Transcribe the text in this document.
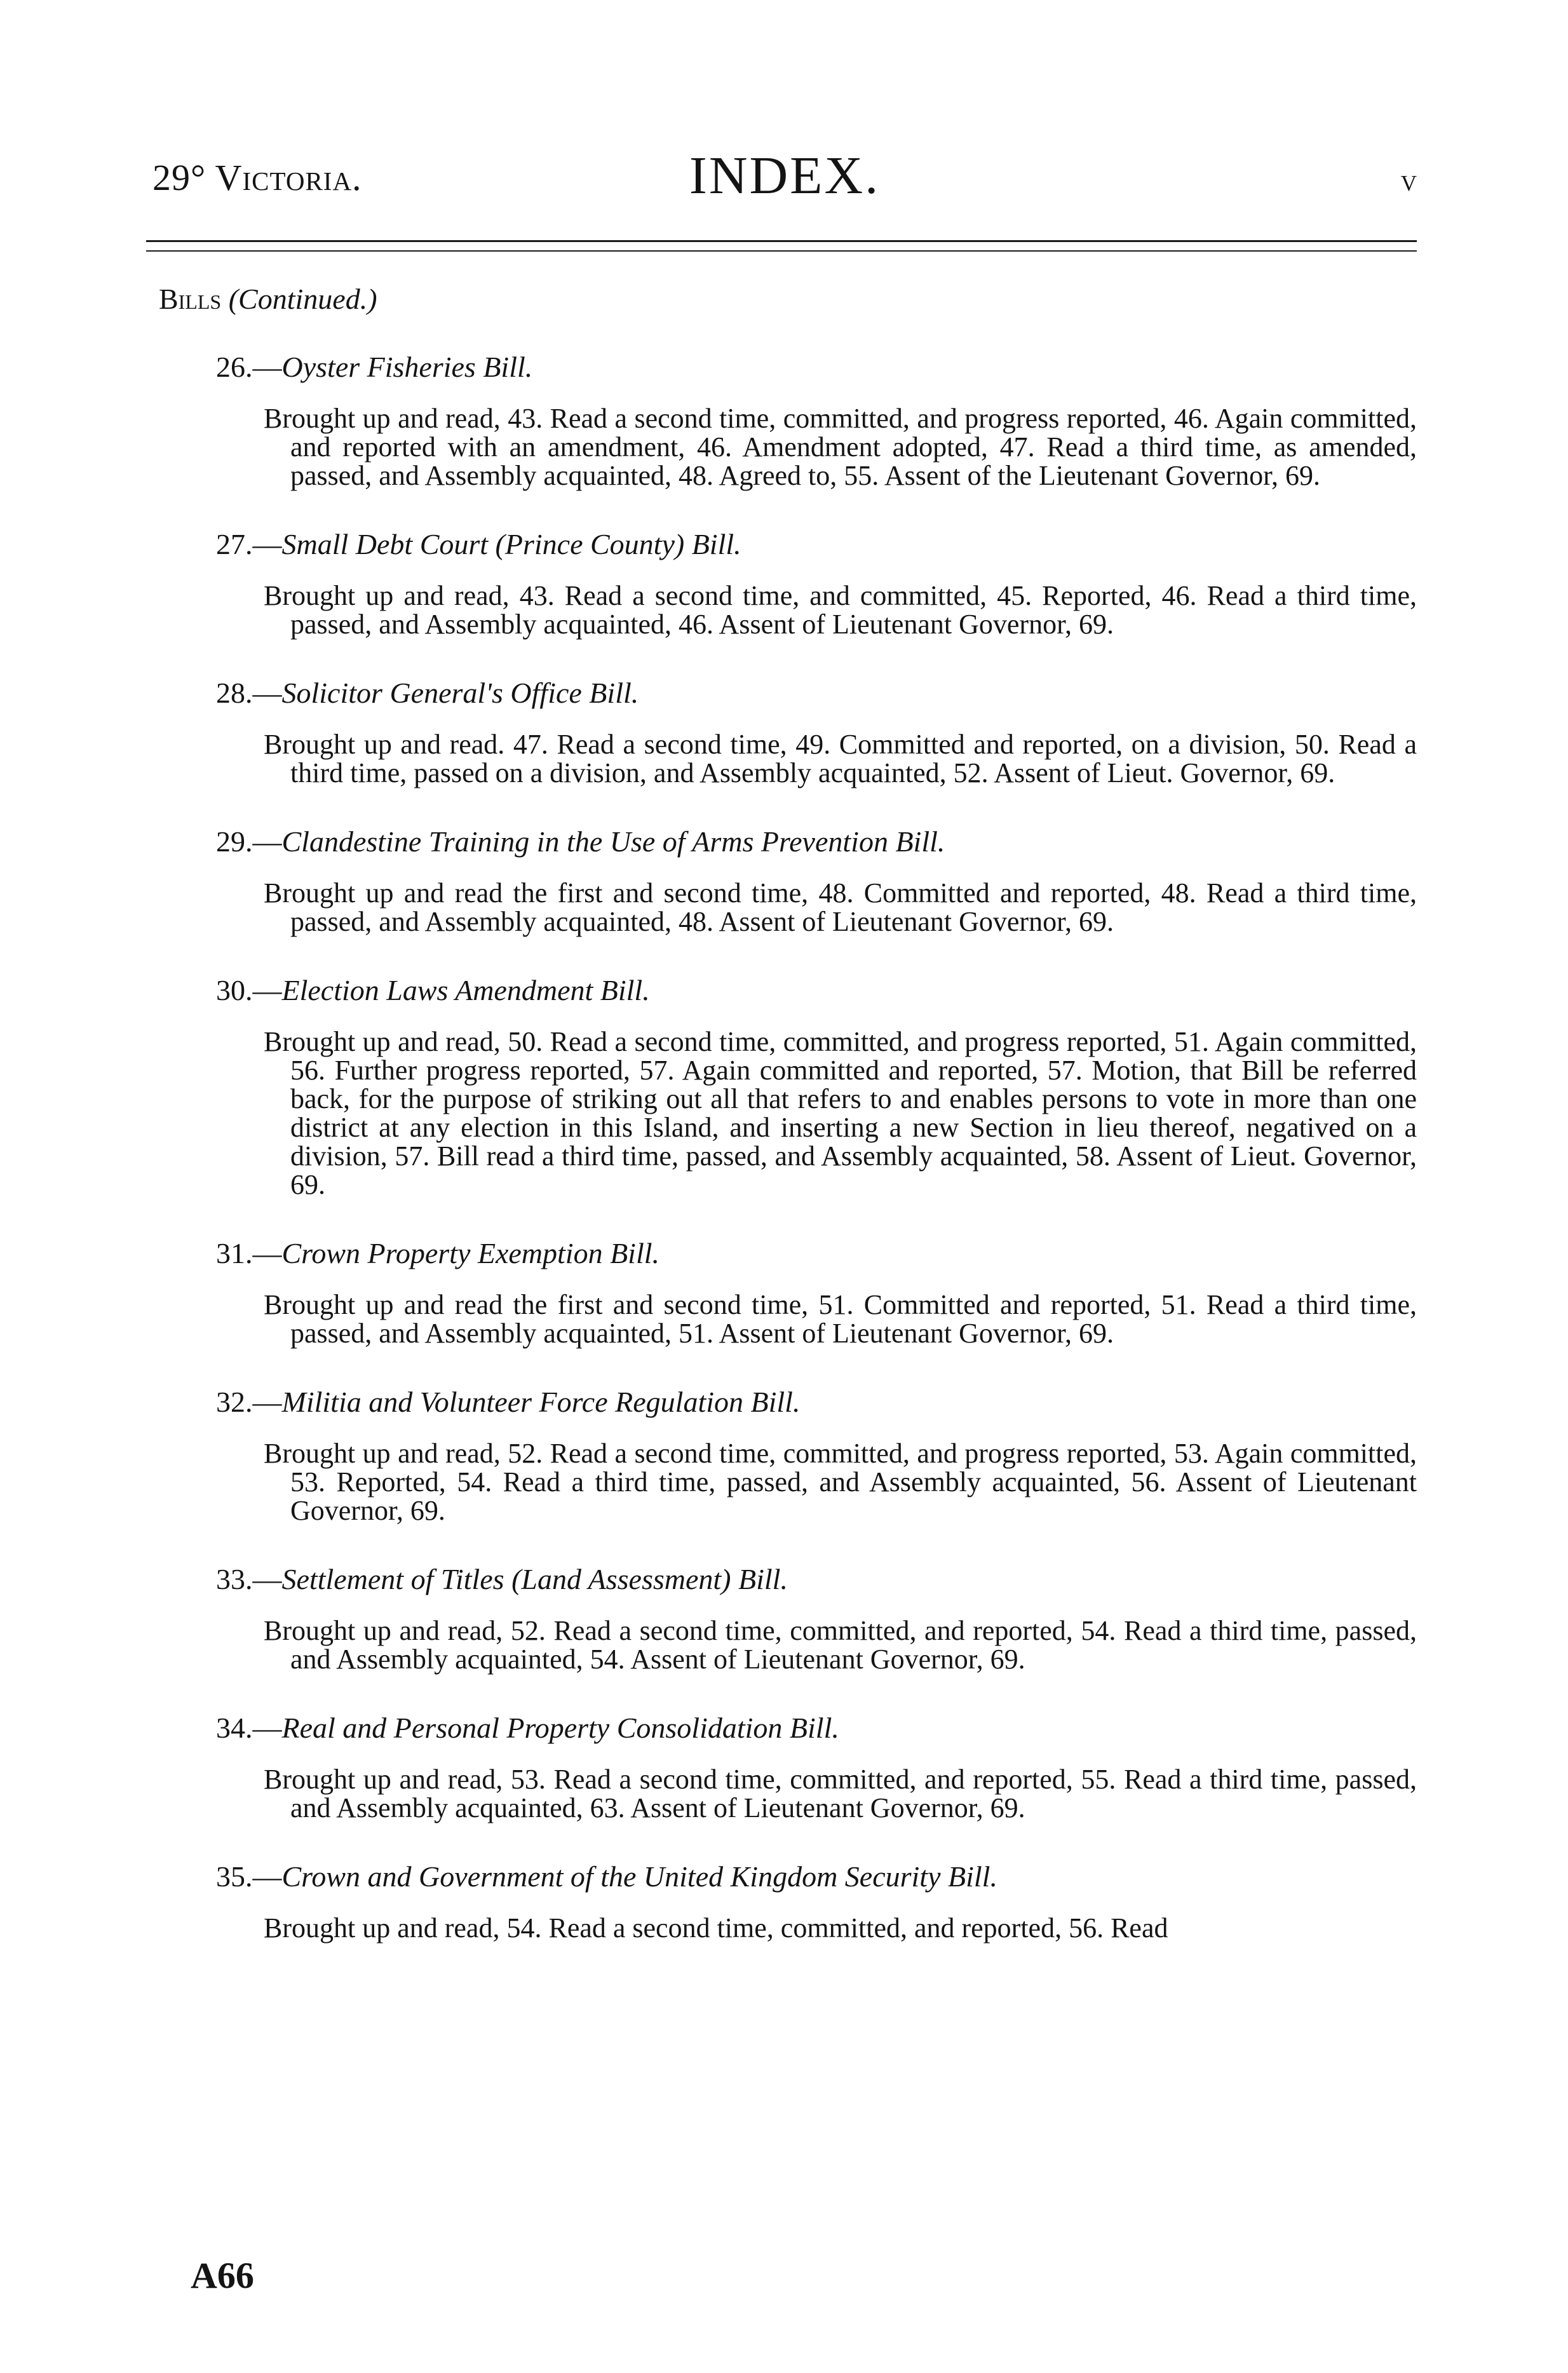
29° Victoria.	INDEX.	v
Bills (Continued.)
26.—Oyster Fisheries Bill.
Brought up and read, 43. Read a second time, committed, and progress reported, 46. Again committed, and reported with an amendment, 46. Amendment adopted, 47. Read a third time, as amended, passed, and Assembly acquainted, 48. Agreed to, 55. Assent of the Lieutenant Governor, 69.
27.—Small Debt Court (Prince County) Bill.
Brought up and read, 43. Read a second time, and committed, 45. Reported, 46. Read a third time, passed, and Assembly acquainted, 46. Assent of Lieutenant Governor, 69.
28.—Solicitor General's Office Bill.
Brought up and read. 47. Read a second time, 49. Committed and reported, on a division, 50. Read a third time, passed on a division, and Assembly acquainted, 52. Assent of Lieut. Governor, 69.
29.—Clandestine Training in the Use of Arms Prevention Bill.
Brought up and read the first and second time, 48. Committed and reported, 48. Read a third time, passed, and Assembly acquainted, 48. Assent of Lieutenant Governor, 69.
30.—Election Laws Amendment Bill.
Brought up and read, 50. Read a second time, committed, and progress reported, 51. Again committed, 56. Further progress reported, 57. Again committed and reported, 57. Motion, that Bill be referred back, for the purpose of striking out all that refers to and enables persons to vote in more than one district at any election in this Island, and inserting a new Section in lieu thereof, negatived on a division, 57. Bill read a third time, passed, and Assembly acquainted, 58. Assent of Lieut. Governor, 69.
31.—Crown Property Exemption Bill.
Brought up and read the first and second time, 51. Committed and reported, 51. Read a third time, passed, and Assembly acquainted, 51. Assent of Lieutenant Governor, 69.
32.—Militia and Volunteer Force Regulation Bill.
Brought up and read, 52. Read a second time, committed, and progress reported, 53. Again committed, 53. Reported, 54. Read a third time, passed, and Assembly acquainted, 56. Assent of Lieutenant Governor, 69.
33.—Settlement of Titles (Land Assessment) Bill.
Brought up and read, 52. Read a second time, committed, and reported, 54. Read a third time, passed, and Assembly acquainted, 54. Assent of Lieutenant Governor, 69.
34.—Real and Personal Property Consolidation Bill.
Brought up and read, 53. Read a second time, committed, and reported, 55. Read a third time, passed, and Assembly acquainted, 63. Assent of Lieutenant Governor, 69.
35.—Crown and Government of the United Kingdom Security Bill.
Brought up and read, 54. Read a second time, committed, and reported, 56. Read
A66
